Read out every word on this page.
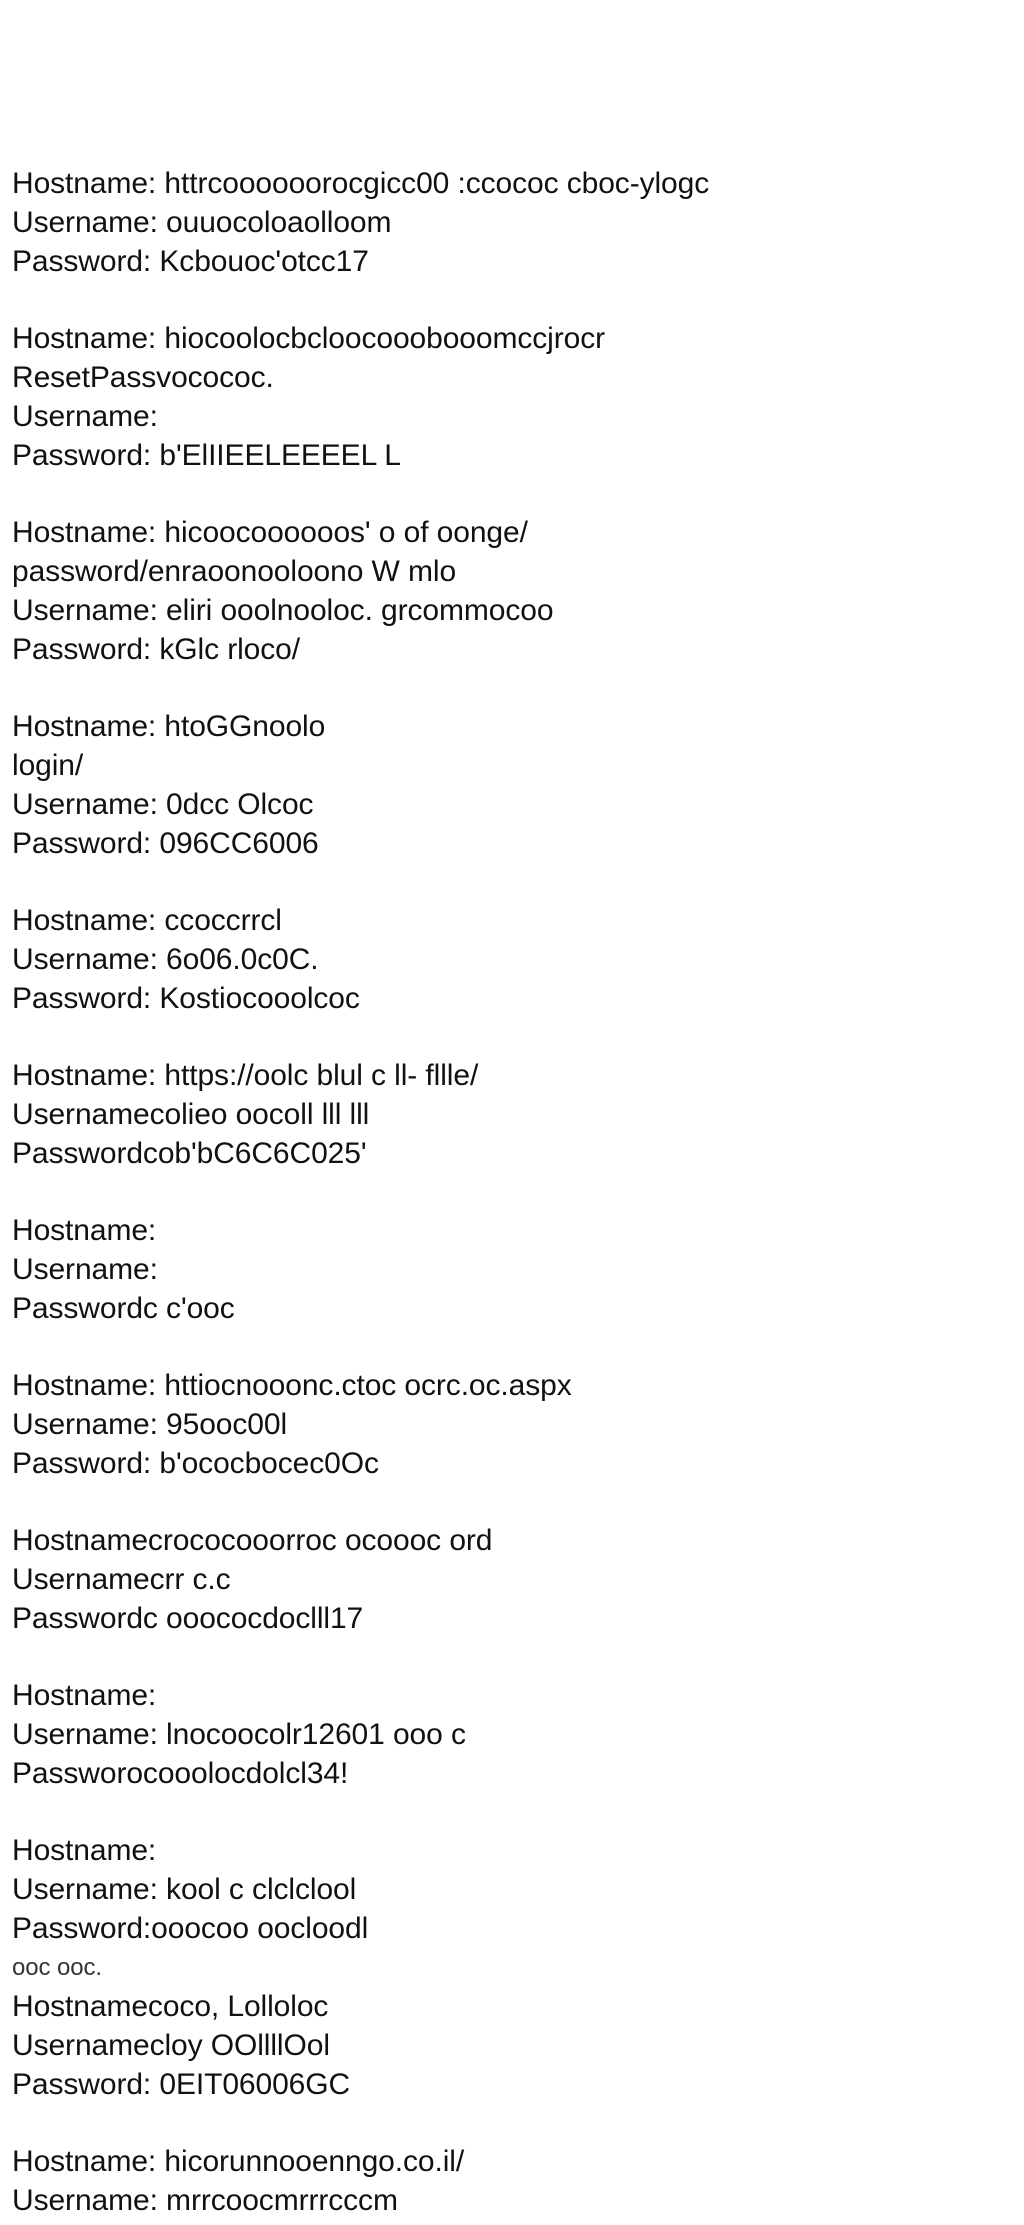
Hostname: httrcoooooorocgicc00 :ccococ cboc-ylogc
Username: ouuocoloaolloom
Password: Kcbouoc'otcc17
Hostname: hiocoolocbcloocooobooomccjrocr
ResetPassvocococ.
Username:
Password: b'ElIIEELEEEEL L
Hostname: hicoocoooooos' o of oonge/
password/enraoonooloono W mlo
Username: eliri ooolnooloc. grcommocoo
Password: kGlc rloco/
Hostname: htoGGnoolo
login/
Username: 0dcc Olcoc
Password: 096CC6006
Hostname: ccoccrrcl
Username: 6o06.0c0C.
Password: Kostiocooolcoc
Hostname: https://oolc blul c ll- fllle/
Usernamecolieo oocoll lll lll
Passwordcob'bC6C6C025'
Hostname:
Username:
Passwordc c'ooc
Hostname: httiocnooonc.ctoc ocrc.oc.aspx
Username: 95ooc00l
Password: b'ococbocec0Oc
Hostnamecrococooorroc ocoooc ord
Usernamecrr c.c
Passwordc ooococdoclll17
Hostname:
Username: lnocoocolr12601 ooo c
Passworocooolocdolcl34!
Hostname:
Username: kool c clclclool
Password:ooocoo oocloodl
ooc ooc.
Hostnamecoco, Lolloloc
Usernamecloy OOllllOol
Password: 0EIT06006GC
Hostname: hicorunnooenngo.co.il/
Username: mrrcoocmrrrcccm
